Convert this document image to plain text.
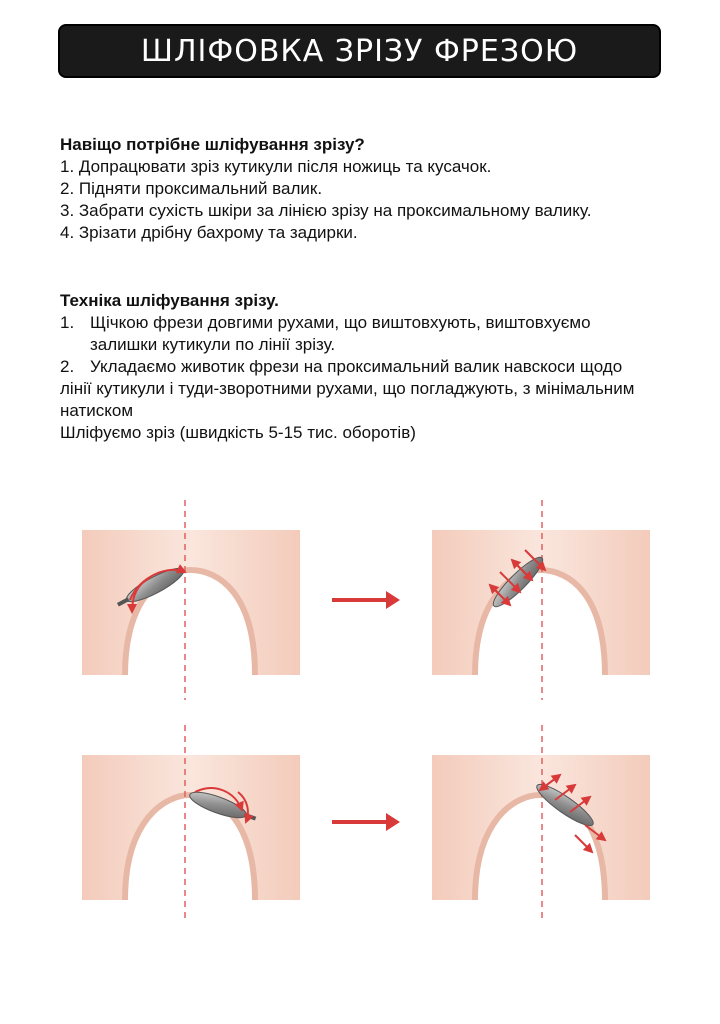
ШЛІФОВКА ЗРІЗУ ФРЕЗОЮ

Навіщо потрібне шліфування зрізу?

1. Допрацювати зріз кутикули після ножиць та кусачок.

2. Підняти проксимальний валик.

3. Забрати сухість шкіри за лінією зрізу на проксимальному валику.

4. Зрізати дрібну бахрому та задирки.

Техніка шліфування зрізу.

1. Щічкою фрези довгими рухами, що виштовхують, виштовхуємо залишки кутикули по лінії зрізу.

2. Укладаємо животик фрези на проксимальний валик навскоси щодо лінії кутикули і туди-зворотними рухами, що погладжують, з мінімальним натиском

Шліфуємо зріз (швидкість 5-15 тис. оборотів)
